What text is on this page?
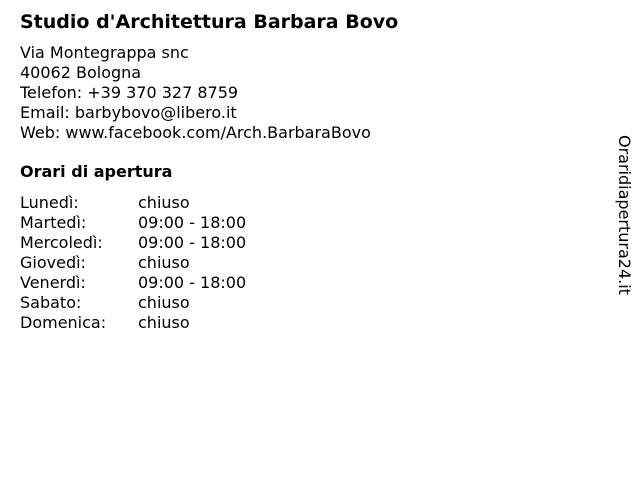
Studio d'Architettura Barbara Bovo
Via Montegrappa snc
40062 Bologna
Telefon: +39 370 327 8759
Email: barbybovo@libero.it
Web: www.facebook.com/Arch.BarbaraBovo
Orari di apertura
Lunedì:	chiuso
Martedì:	09:00 - 18:00
Mercoledì:	09:00 - 18:00
Giovedì:	chiuso
Venerdì:	09:00 - 18:00
Sabato:	chiuso
Domenica:	chiuso
Oraridiapertura24.it
